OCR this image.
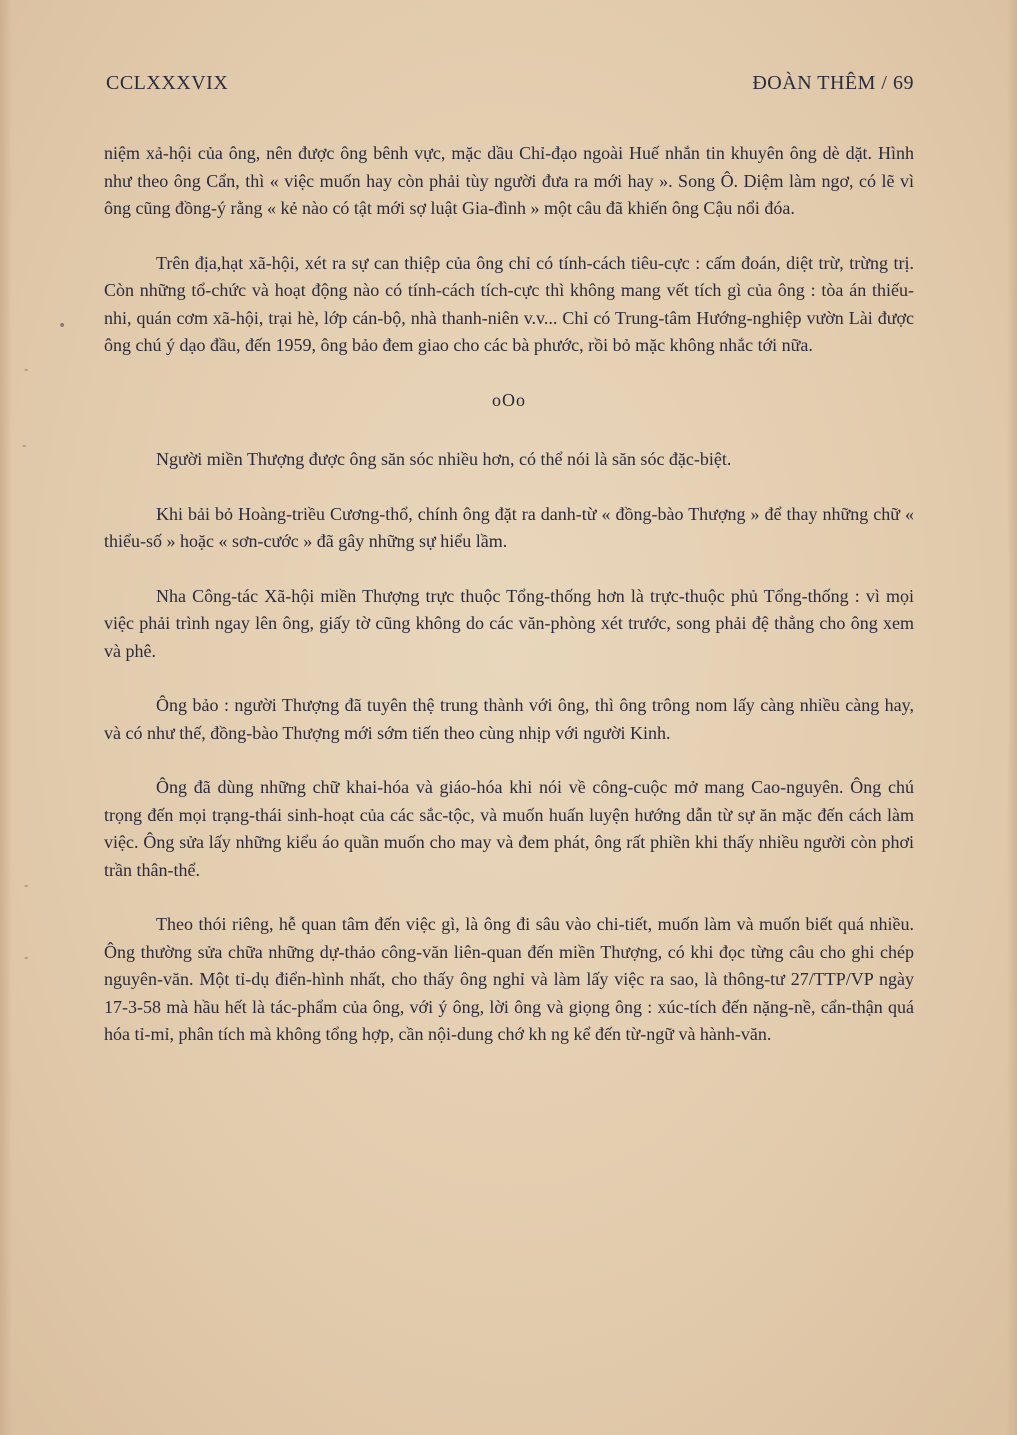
CCLXXXVIX	ĐOÀN THÊM / 69

niệm xả-hội của ông, nên được ông bênh vực, mặc dầu Chỉ-đạo ngoài Huế nhắn tin khuyên ông dè dặt. Hình như theo ông Cẩn, thì « việc muốn hay còn phải tùy người đưa ra mới hay ». Song Ô. Diệm làm ngơ, có lẽ vì ông cũng đồng-ý rằng « kẻ nào có tật mới sợ luật Gia-đình » một câu đã khiến ông Cậu nổi đóa.

Trên địa,hạt xã-hội, xét ra sự can thiệp của ông chỉ có tính-cách tiêu-cực : cấm đoán, diệt trừ, trừng trị. Còn những tổ-chức và hoạt động nào có tính-cách tích-cực thì không mang vết tích gì của ông : tòa án thiếu-nhi, quán cơm xã-hội, trại hè, lớp cán-bộ, nhà thanh-niên v.v... Chỉ có Trung-tâm Hướng-nghiệp vườn Lài được ông chú ý dạo đầu, đến 1959, ông bảo đem giao cho các bà phước, rồi bỏ mặc không nhắc tới nữa.

oOo

Người miền Thượng được ông săn sóc nhiều hơn, có thể nói là săn sóc đặc-biệt.

Khi bải bỏ Hoàng-triều Cương-thổ, chính ông đặt ra danh-từ « đồng-bào Thượng » để thay những chữ « thiểu-số » hoặc « sơn-cước » đã gây những sự hiểu lầm.

Nha Công-tác Xã-hội miền Thượng trực thuộc Tổng-thống hơn là trực-thuộc phủ Tổng-thống : vì mọi việc phải trình ngay lên ông, giấy tờ cũng không do các văn-phòng xét trước, song phải đệ thẳng cho ông xem và phê.

Ông bảo : người Thượng đã tuyên thệ trung thành với ông, thì ông trông nom lấy càng nhiều càng hay, và có như thế, đồng-bào Thượng mới sớm tiến theo cùng nhịp với người Kinh.

Ông đã dùng những chữ khai-hóa và giáo-hóa khi nói về công-cuộc mở mang Cao-nguyên. Ông chú trọng đến mọi trạng-thái sinh-hoạt của các sắc-tộc, và muốn huấn luyện hướng dẫn từ sự ăn mặc đến cách làm việc. Ông sửa lấy những kiểu áo quần muốn cho may và đem phát, ông rất phiền khi thấy nhiều người còn phơi trần thân-thể.

Theo thói riêng, hễ quan tâm đến việc gì, là ông đi sâu vào chi-tiết, muốn làm và muốn biết quá nhiều. Ông thường sửa chữa những dự-thảo công-văn liên-quan đến miền Thượng, có khi đọc từng câu cho ghi chép nguyên-văn. Một tỉ-dụ điển-hình nhất, cho thấy ông nghỉ và làm lấy việc ra sao, là thông-tư 27/TTP/VP ngày 17-3-58 mà hầu hết là tác-phẩm của ông, với ý ông, lời ông và giọng ông : xúc-tích đến nặng-nề, cẩn-thận quá hóa tỉ-mỉ, phân tích mà không tổng hợp, cần nội-dung chớ kh ng kể đến từ-ngữ và hành-văn.

•
˗
˗
˗
˗
